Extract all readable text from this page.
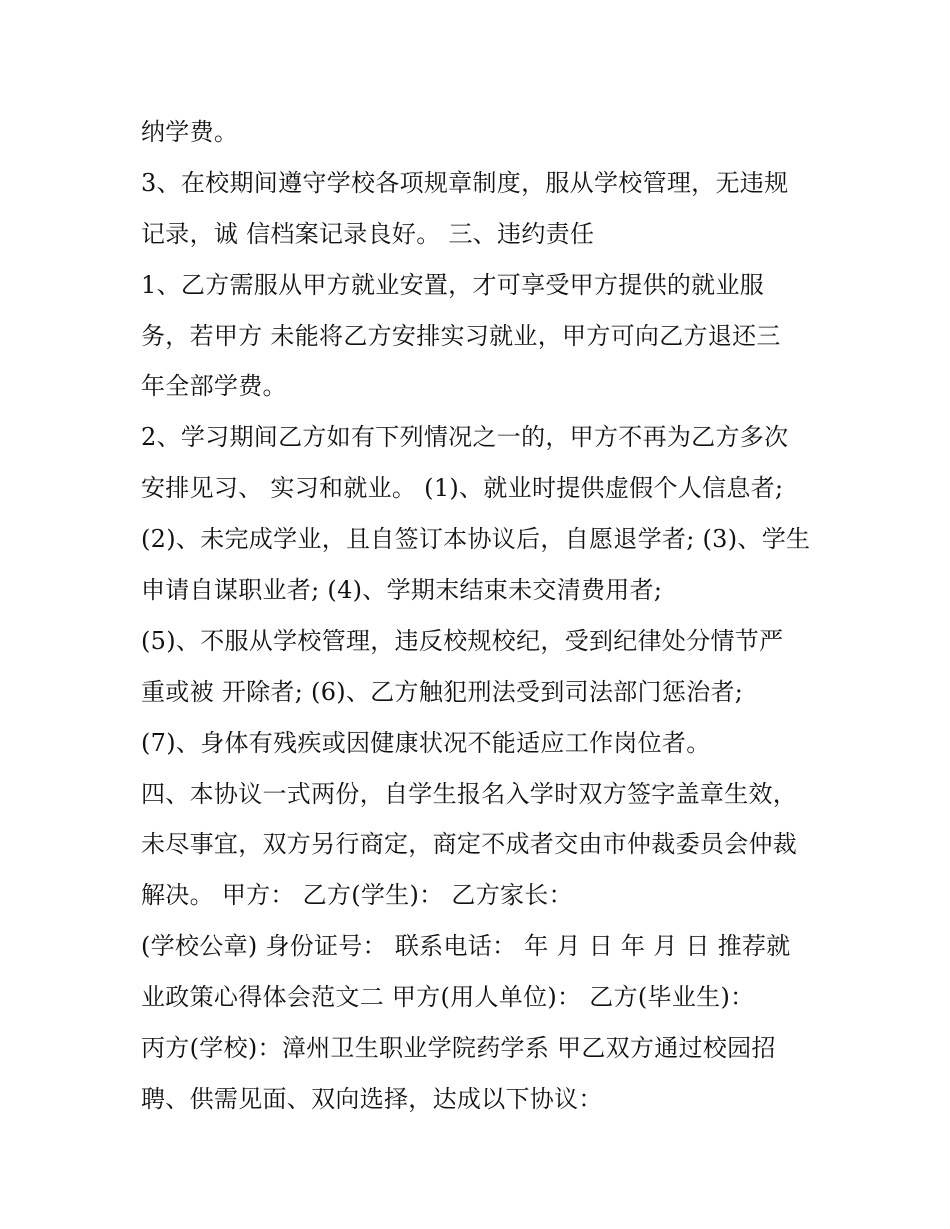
纳学费。
3、在校期间遵守学校各项规章制度，服从学校管理，无违规
记录，诚 信档案记录良好。 三、违约责任
1、乙方需服从甲方就业安置，才可享受甲方提供的就业服
务，若甲方 未能将乙方安排实习就业，甲方可向乙方退还三
年全部学费。
2、学习期间乙方如有下列情况之一的，甲方不再为乙方多次
安排见习、 实习和就业。 (1)、就业时提供虚假个人信息者;
(2)、未完成学业，且自签订本协议后，自愿退学者; (3)、学生
申请自谋职业者; (4)、学期末结束未交清费用者;
(5)、不服从学校管理，违反校规校纪，受到纪律处分情节严
重或被 开除者; (6)、乙方触犯刑法受到司法部门惩治者;
(7)、身体有残疾或因健康状况不能适应工作岗位者。
四、本协议一式两份，自学生报名入学时双方签字盖章生效，
未尽事宜，双方另行商定，商定不成者交由市仲裁委员会仲裁
解决。 甲方： 乙方(学生)： 乙方家长：
(学校公章) 身份证号： 联系电话： 年 月 日 年 月 日 推荐就
业政策心得体会范文二 甲方(用人单位)： 乙方(毕业生)：
丙方(学校)：漳州卫生职业学院药学系 甲乙双方通过校园招
聘、供需见面、双向选择，达成以下协议：
